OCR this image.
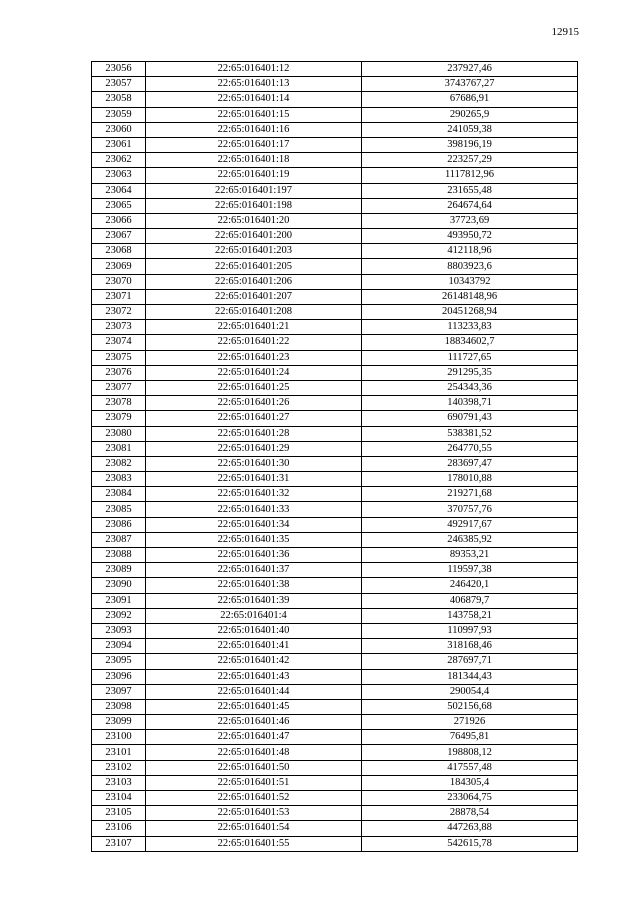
12915
23056	22:65:016401:12	237927,46
23057	22:65:016401:13	3743767,27
23058	22:65:016401:14	67686,91
23059	22:65:016401:15	290265,9
23060	22:65:016401:16	241059,38
23061	22:65:016401:17	398196,19
23062	22:65:016401:18	223257,29
23063	22:65:016401:19	1117812,96
23064	22:65:016401:197	231655,48
23065	22:65:016401:198	264674,64
23066	22:65:016401:20	37723,69
23067	22:65:016401:200	493950,72
23068	22:65:016401:203	412118,96
23069	22:65:016401:205	8803923,6
23070	22:65:016401:206	10343792
23071	22:65:016401:207	26148148,96
23072	22:65:016401:208	20451268,94
23073	22:65:016401:21	113233,83
23074	22:65:016401:22	18834602,7
23075	22:65:016401:23	111727,65
23076	22:65:016401:24	291295,35
23077	22:65:016401:25	254343,36
23078	22:65:016401:26	140398,71
23079	22:65:016401:27	690791,43
23080	22:65:016401:28	538381,52
23081	22:65:016401:29	264770,55
23082	22:65:016401:30	283697,47
23083	22:65:016401:31	178010,88
23084	22:65:016401:32	219271,68
23085	22:65:016401:33	370757,76
23086	22:65:016401:34	492917,67
23087	22:65:016401:35	246385,92
23088	22:65:016401:36	89353,21
23089	22:65:016401:37	119597,38
23090	22:65:016401:38	246420,1
23091	22:65:016401:39	406879,7
23092	22:65:016401:4	143758,21
23093	22:65:016401:40	110997,93
23094	22:65:016401:41	318168,46
23095	22:65:016401:42	287697,71
23096	22:65:016401:43	181344,43
23097	22:65:016401:44	290054,4
23098	22:65:016401:45	502156,68
23099	22:65:016401:46	271926
23100	22:65:016401:47	76495,81
23101	22:65:016401:48	198808,12
23102	22:65:016401:50	417557,48
23103	22:65:016401:51	184305,4
23104	22:65:016401:52	233064,75
23105	22:65:016401:53	28878,54
23106	22:65:016401:54	447263,88
23107	22:65:016401:55	542615,78
